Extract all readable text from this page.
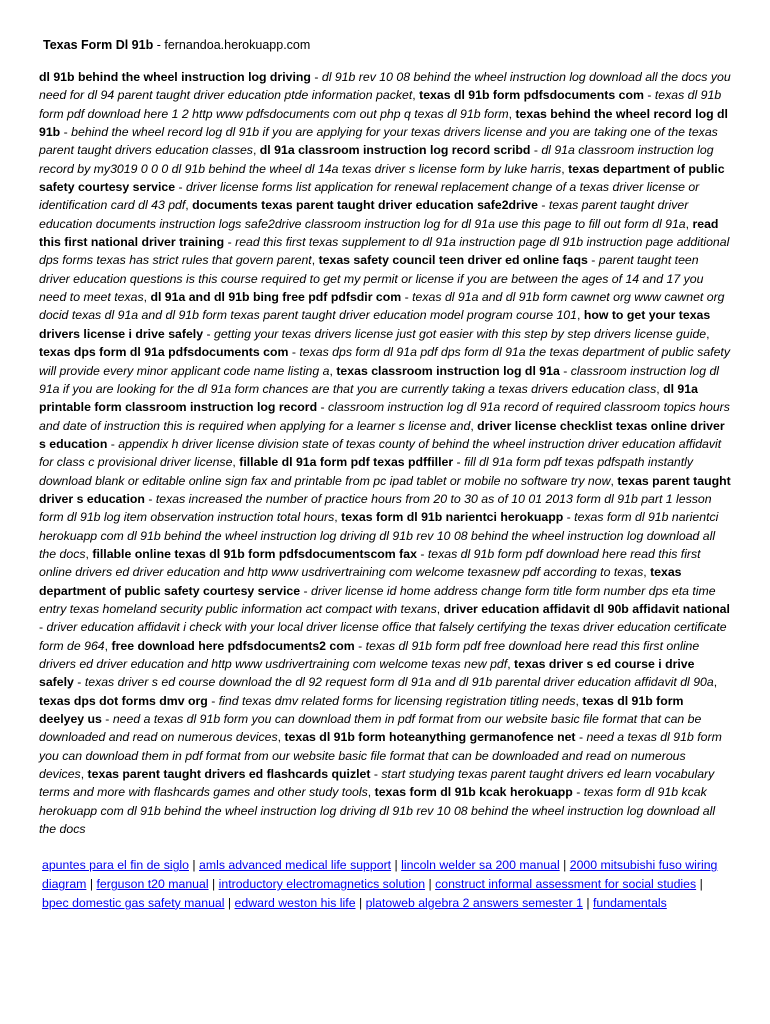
Texas Form Dl 91b - fernandoa.herokuapp.com
dl 91b behind the wheel instruction log driving - dl 91b rev 10 08 behind the wheel instruction log download all the docs you need for dl 94 parent taught driver education ptde information packet, texas dl 91b form pdfsdocuments com - texas dl 91b form pdf download here 1 2 http www pdfsdocuments com out php q texas dl 91b form, texas behind the wheel record log dl 91b - behind the wheel record log dl 91b if you are applying for your texas drivers license and you are taking one of the texas parent taught drivers education classes, dl 91a classroom instruction log record scribd - dl 91a classroom instruction log record by my3019 0 0 0 dl 91b behind the wheel dl 14a texas driver s license form by luke harris, texas department of public safety courtesy service - driver license forms list application for renewal replacement change of a texas driver license or identification card dl 43 pdf, documents texas parent taught driver education safe2drive - texas parent taught driver education documents instruction logs safe2drive classroom instruction log for dl 91a use this page to fill out form dl 91a, read this first national driver training - read this first texas supplement to dl 91a instruction page dl 91b instruction page additional dps forms texas has strict rules that govern parent, texas safety council teen driver ed online faqs - parent taught teen driver education questions is this course required to get my permit or license if you are between the ages of 14 and 17 you need to meet texas, dl 91a and dl 91b bing free pdf pdfsdir com - texas dl 91a and dl 91b form cawnet org www cawnet org docid texas dl 91a and dl 91b form texas parent taught driver education model program course 101, how to get your texas drivers license i drive safely - getting your texas drivers license just got easier with this step by step drivers license guide, texas dps form dl 91a pdfsdocuments com - texas dps form dl 91a pdf dps form dl 91a the texas department of public safety will provide every minor applicant code name listing a, texas classroom instruction log dl 91a - classroom instruction log dl 91a if you are looking for the dl 91a form chances are that you are currently taking a texas drivers education class, dl 91a printable form classroom instruction log record - classroom instruction log dl 91a record of required classroom topics hours and date of instruction this is required when applying for a learner s license and, driver license checklist texas online driver s education - appendix h driver license division state of texas county of behind the wheel instruction driver education affidavit for class c provisional driver license, fillable dl 91a form pdf texas pdffiller - fill dl 91a form pdf texas pdfspath instantly download blank or editable online sign fax and printable from pc ipad tablet or mobile no software try now, texas parent taught driver s education - texas increased the number of practice hours from 20 to 30 as of 10 01 2013 form dl 91b part 1 lesson form dl 91b log item observation instruction total hours, texas form dl 91b narientci herokuapp - texas form dl 91b narientci herokuapp com dl 91b behind the wheel instruction log driving dl 91b rev 10 08 behind the wheel instruction log download all the docs, fillable online texas dl 91b form pdfsdocumentscom fax - texas dl 91b form pdf download here read this first online drivers ed driver education and http www usdrivertraining com welcome texasnew pdf according to texas, texas department of public safety courtesy service - driver license id home address change form title form number dps eta time entry texas homeland security public information act compact with texans, driver education affidavit dl 90b affidavit national - driver education affidavit i check with your local driver license office that falsely certifying the texas driver education certificate form de 964, free download here pdfsdocuments2 com - texas dl 91b form pdf free download here read this first online drivers ed driver education and http www usdrivertraining com welcome texas new pdf, texas driver s ed course i drive safely - texas driver s ed course download the dl 92 request form dl 91a and dl 91b parental driver education affidavit dl 90a, texas dps dot forms dmv org - find texas dmv related forms for licensing registration titling needs, texas dl 91b form deelyey us - need a texas dl 91b form you can download them in pdf format from our website basic file format that can be downloaded and read on numerous devices, texas dl 91b form hoteanything germanofence net - need a texas dl 91b form you can download them in pdf format from our website basic file format that can be downloaded and read on numerous devices, texas parent taught drivers ed flashcards quizlet - start studying texas parent taught drivers ed learn vocabulary terms and more with flashcards games and other study tools, texas form dl 91b kcak herokuapp - texas form dl 91b kcak herokuapp com dl 91b behind the wheel instruction log driving dl 91b rev 10 08 behind the wheel instruction log download all the docs
apuntes para el fin de siglo | amls advanced medical life support | lincoln welder sa 200 manual | 2000 mitsubishi fuso wiring diagram | ferguson t20 manual | introductory electromagnetics solution | construct informal assessment for social studies | bpec domestic gas safety manual | edward weston his life | platoweb algebra 2 answers semester 1 | fundamentals
